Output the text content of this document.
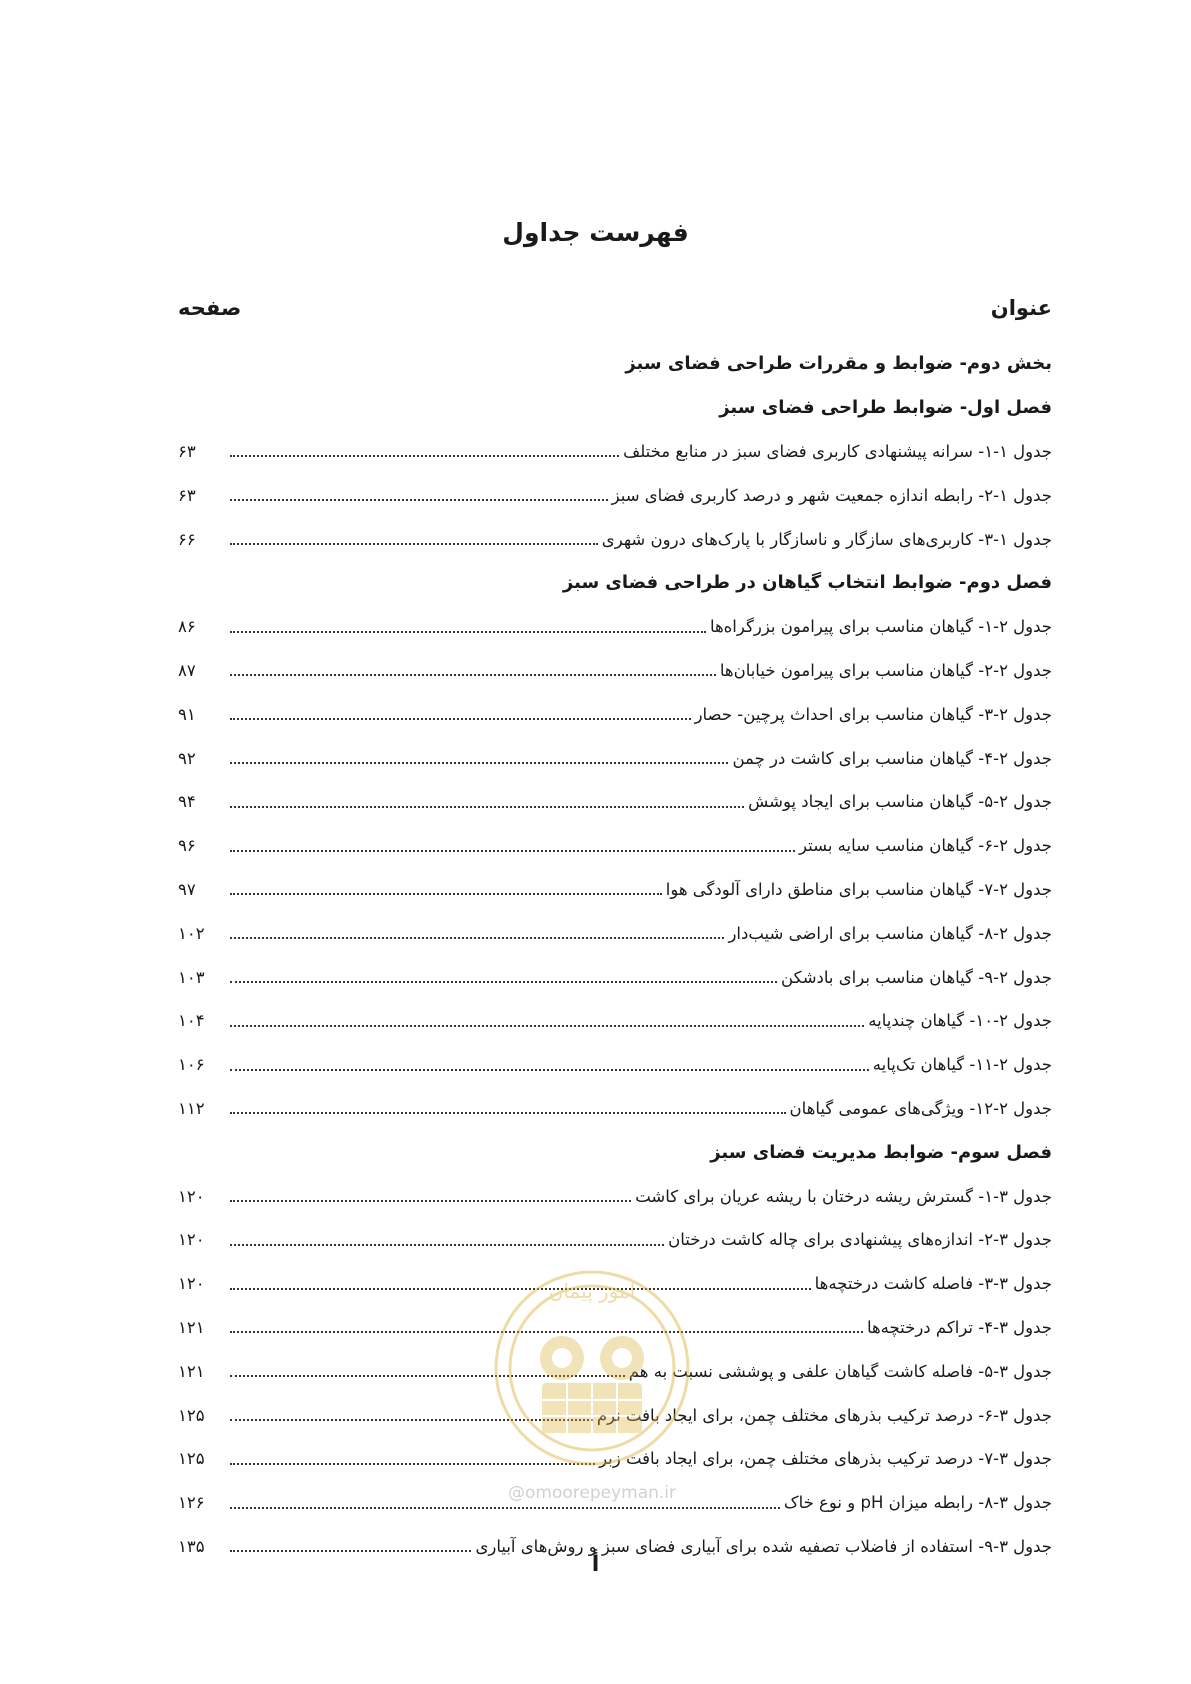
فهرست جداول
عنوان
صفحه
بخش دوم- ضوابط و مقررات طراحی فضای سبز
فصل اول- ضوابط طراحی فضای سبز
جدول ۱-۱- سرانه پیشنهادی کاربری فضای سبز در منابع مختلف
۶۳
جدول ۱-۲- رابطه اندازه جمعیت شهر و درصد کاربری فضای سبز
۶۳
جدول ۱-۳- کاربری‌های سازگار و ناسازگار با پارک‌های درون شهری
۶۶
فصل دوم- ضوابط انتخاب گیاهان در طراحی فضای سبز
جدول ۲-۱- گیاهان مناسب برای پیرامون بزرگراه‌ها
۸۶
جدول ۲-۲- گیاهان مناسب برای پیرامون خیابان‌ها
۸۷
جدول ۲-۳- گیاهان مناسب برای احداث پرچین- حصار
۹۱
جدول ۲-۴- گیاهان مناسب برای کاشت در چمن
۹۲
جدول ۲-۵- گیاهان مناسب برای ایجاد پوشش
۹۴
جدول ۲-۶- گیاهان مناسب سایه بستر
۹۶
جدول ۲-۷- گیاهان مناسب برای مناطق دارای آلودگی هوا
۹۷
جدول ۲-۸- گیاهان مناسب برای اراضی شیب‌دار
۱۰۲
جدول ۲-۹- گیاهان مناسب برای بادشکن
۱۰۳
جدول ۲-۱۰- گیاهان چندپایه
۱۰۴
جدول ۲-۱۱- گیاهان تک‌پایه
۱۰۶
جدول ۲-۱۲- ویژگی‌های عمومی گیاهان
۱۱۲
فصل سوم- ضوابط مدیریت فضای سبز
جدول ۳-۱- گسترش ریشه درختان با ریشه عریان برای کاشت
۱۲۰
جدول ۳-۲- اندازه‌های پیشنهادی برای چاله کاشت درختان
۱۲۰
جدول ۳-۳- فاصله کاشت درختچه‌ها
۱۲۰
جدول ۳-۴- تراکم درختچه‌ها
۱۲۱
جدول ۳-۵- فاصله کاشت گیاهان علفی و پوششی نسبت به هم
۱۲۱
جدول ۳-۶- درصد ترکیب بذرهای مختلف چمن، برای ایجاد بافت نرم
۱۲۵
جدول ۳-۷- درصد ترکیب بذرهای مختلف چمن، برای ایجاد بافت زبر
۱۲۵
جدول ۳-۸- رابطه میزان pH و نوع خاک
۱۲۶
جدول ۳-۹- استفاده از فاضلاب تصفیه شده برای آبیاری فضای سبز و روش‌های آبیاری
۱۳۵
امور پیمان
@omoorepeyman.ir
أ
